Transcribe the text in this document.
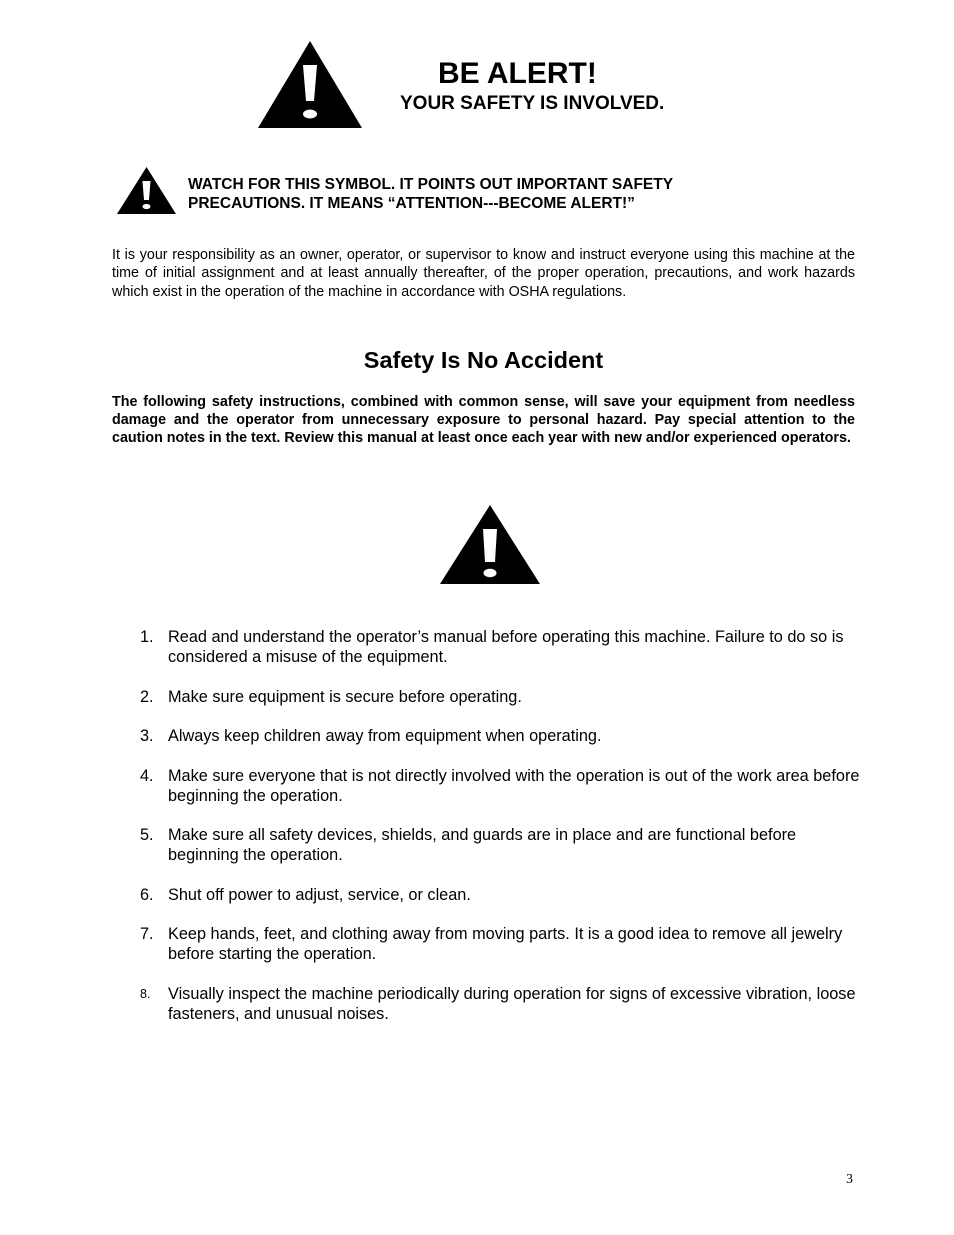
BE ALERT!
YOUR SAFETY IS INVOLVED.
WATCH FOR THIS SYMBOL. IT POINTS OUT IMPORTANT SAFETY
PRECAUTIONS. IT MEANS “ATTENTION---BECOME ALERT!”

It is your responsibility as an owner, operator, or supervisor to know and instruct everyone using this machine at the time of initial assignment and at least annually thereafter, of the proper operation, precautions, and work hazards which exist in the operation of the machine in accordance with OSHA regulations.

Safety Is No Accident

The following safety instructions, combined with common sense, will save your equipment from needless damage and the operator from unnecessary exposure to personal hazard. Pay special attention to the caution notes in the text. Review this manual at least once each year with new and/or experienced operators.

1. Read and understand the operator’s manual before operating this machine. Failure to do so is considered a misuse of the equipment.
2. Make sure equipment is secure before operating.
3. Always keep children away from equipment when operating.
4. Make sure everyone that is not directly involved with the operation is out of the work area before beginning the operation.
5. Make sure all safety devices, shields, and guards are in place and are functional before beginning the operation.
6. Shut off power to adjust, service, or clean.
7. Keep hands, feet, and clothing away from moving parts. It is a good idea to remove all jewelry before starting the operation.
8.	Visually inspect the machine periodically during operation for signs of excessive vibration, loose fasteners, and unusual noises.
3
